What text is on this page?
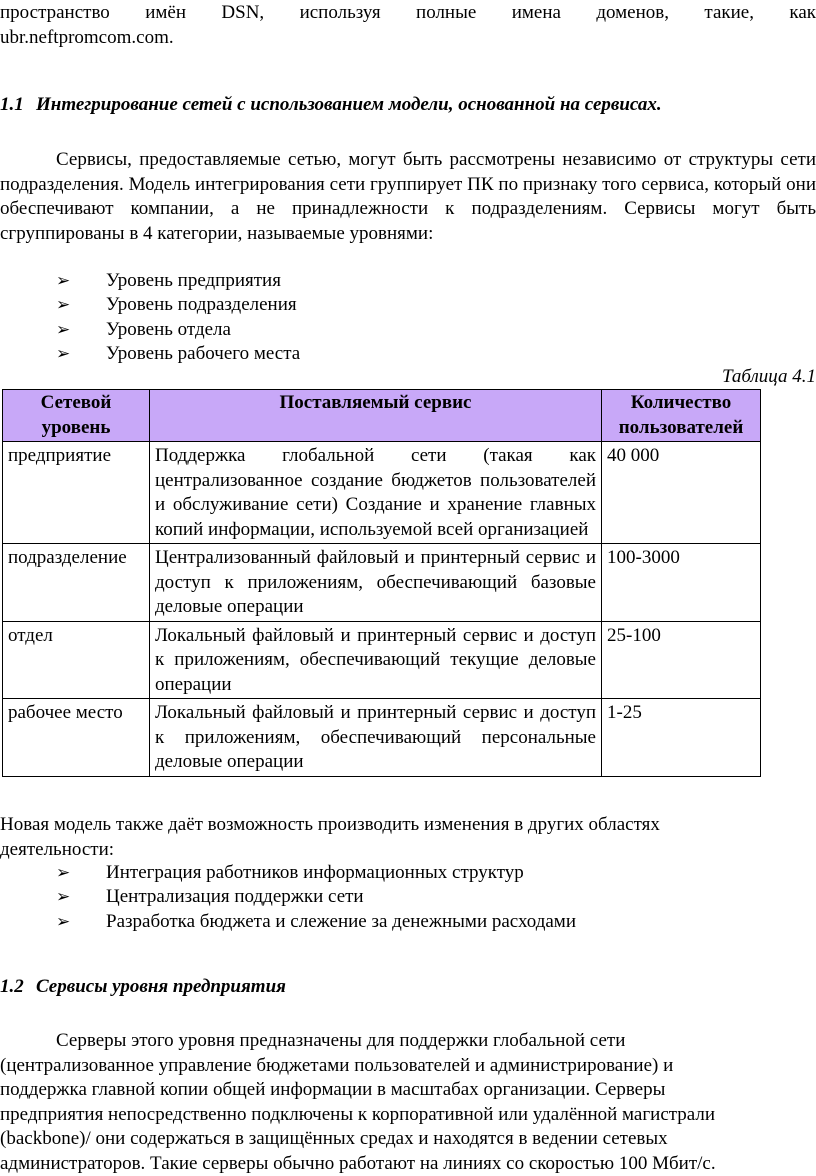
пространство имён DSN, используя полные имена доменов, такие, как
ubr.neftpromcom.com.
1.1 Интегрирование сетей с использованием модели, основанной на сервисах.
Сервисы, предоставляемые сетью, могут быть рассмотрены независимо от структуры сети подразделения. Модель интегрирования сети группирует ПК по признаку того сервиса, который они обеспечивают компании, а не принадлежности к подразделениям. Сервисы могут быть сгруппированы в 4 категории, называемые уровнями:
➢ Уровень предприятия
➢ Уровень подразделения
➢ Уровень отдела
➢ Уровень рабочего места
Таблица 4.1
Сетевой уровень	Поставляемый сервис	Количество пользователей
предприятие	Поддержка глобальной сети (такая как централизованное создание бюджетов пользователей и обслуживание сети) Создание и хранение главных копий информации, используемой всей организацией	40 000
подразделение	Централизованный файловый и принтерный сервис и доступ к приложениям, обеспечивающий базовые деловые операции	100-3000
отдел	Локальный файловый и принтерный сервис и доступ к приложениям, обеспечивающий текущие деловые операции	25-100
рабочее место	Локальный файловый и принтерный сервис и доступ к приложениям, обеспечивающий персональные деловые операции	1-25
Новая модель также даёт возможность производить изменения в других областях деятельности:
➢ Интеграция работников информационных структур
➢ Централизация поддержки сети
➢ Разработка бюджета и слежение за денежными расходами
1.2 Сервисы уровня предприятия
Серверы этого уровня предназначены для поддержки глобальной сети
(централизованное управление бюджетами пользователей и администрирование) и
поддержка главной копии общей информации в масштабах организации. Серверы
предприятия непосредственно подключены к корпоративной или удалённой магистрали
(backbone)/ они содержаться в защищённых средах и находятся в ведении сетевых
администраторов. Такие серверы обычно работают на линиях со скоростью 100 Мбит/с.
